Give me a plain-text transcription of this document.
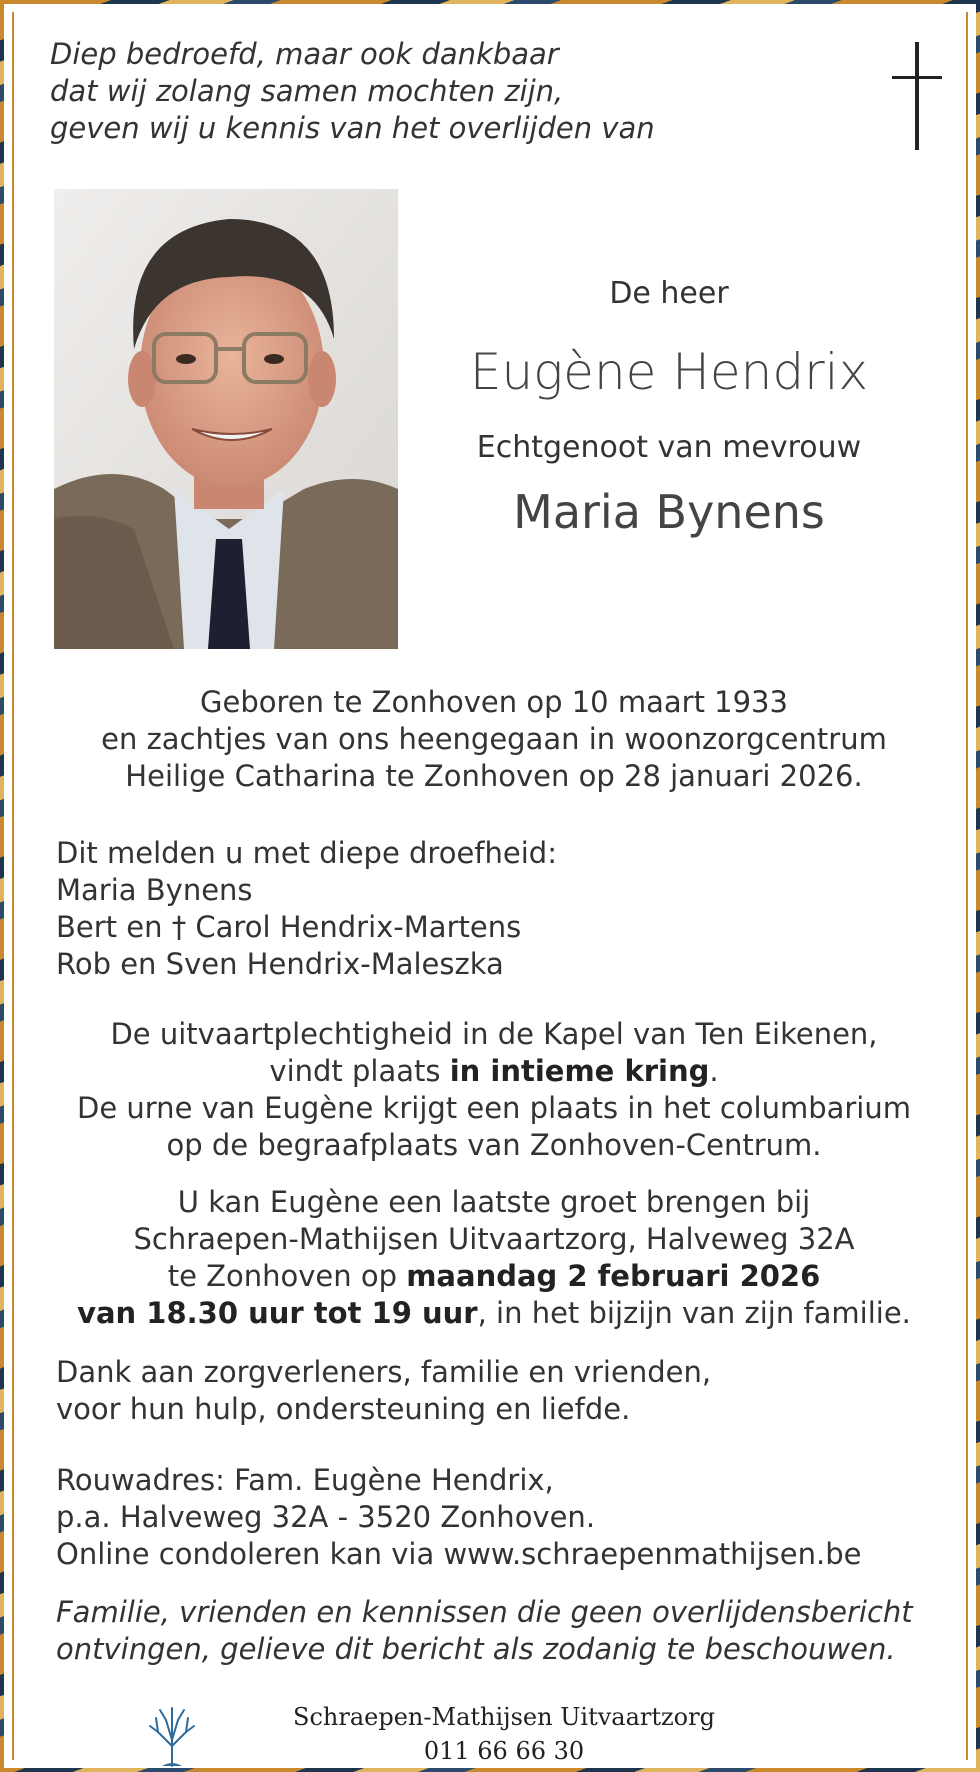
Diep bedroefd, maar ook dankbaar
dat wij zolang samen mochten zijn,
geven wij u kennis van het overlijden van
De heer
Eugène Hendrix
Echtgenoot van mevrouw
Maria Bynens
Geboren te Zonhoven op 10 maart 1933
en zachtjes van ons heengegaan in woonzorgcentrum
Heilige Catharina te Zonhoven op 28 januari 2026.
Dit melden u met diepe droefheid:
Maria Bynens
Bert en † Carol Hendrix-Martens
Rob en Sven Hendrix-Maleszka
De uitvaartplechtigheid in de Kapel van Ten Eikenen,
vindt plaats in intieme kring.
De urne van Eugène krijgt een plaats in het columbarium
op de begraafplaats van Zonhoven-Centrum.
U kan Eugène een laatste groet brengen bij
Schraepen-Mathijsen Uitvaartzorg, Halveweg 32A
te Zonhoven op maandag 2 februari 2026
van 18.30 uur tot 19 uur, in het bijzijn van zijn familie.
Dank aan zorgverleners, familie en vrienden,
voor hun hulp, ondersteuning en liefde.
Rouwadres: Fam. Eugène Hendrix,
p.a. Halveweg 32A - 3520 Zonhoven.
Online condoleren kan via www.schraepenmathijsen.be
Familie, vrienden en kennissen die geen overlijdensbericht
ontvingen, gelieve dit bericht als zodanig te beschouwen.
Schraepen-Mathijsen Uitvaartzorg
011 66 66 30
